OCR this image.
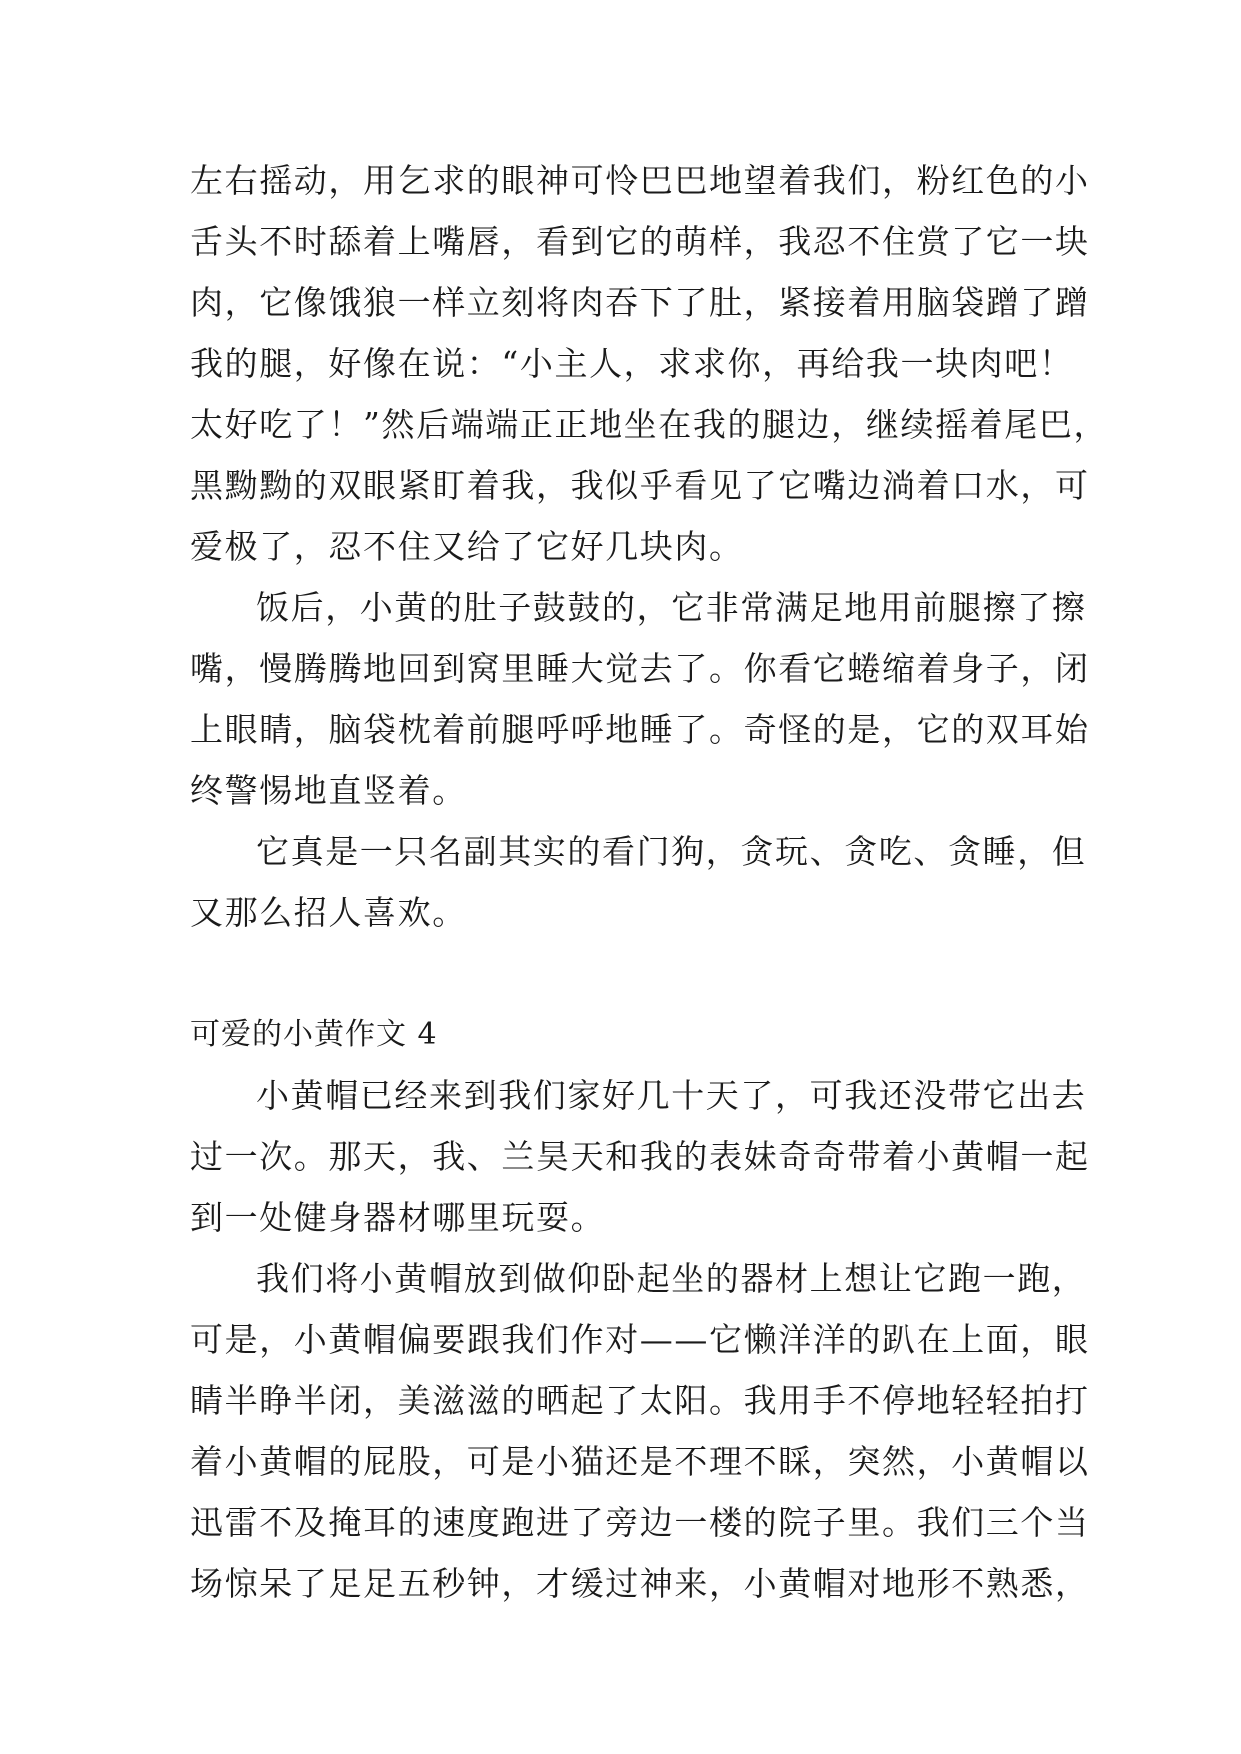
左右摇动，用乞求的眼神可怜巴巴地望着我们，粉红色的小
舌头不时舔着上嘴唇，看到它的萌样，我忍不住赏了它一块
肉，它像饿狼一样立刻将肉吞下了肚，紧接着用脑袋蹭了蹭
我的腿，好像在说：“小主人，求求你，再给我一块肉吧！
太好吃了！”然后端端正正地坐在我的腿边，继续摇着尾巴，
黑黝黝的双眼紧盯着我，我似乎看见了它嘴边淌着口水，可
爱极了，忍不住又给了它好几块肉。
饭后，小黄的肚子鼓鼓的，它非常满足地用前腿擦了擦
嘴，慢腾腾地回到窝里睡大觉去了。你看它蜷缩着身子，闭
上眼睛，脑袋枕着前腿呼呼地睡了。奇怪的是，它的双耳始
终警惕地直竖着。
它真是一只名副其实的看门狗，贪玩、贪吃、贪睡，但
又那么招人喜欢。
可爱的小黄作文 4
小黄帽已经来到我们家好几十天了，可我还没带它出去
过一次。那天，我、兰昊天和我的表妹奇奇带着小黄帽一起
到一处健身器材哪里玩耍。
我们将小黄帽放到做仰卧起坐的器材上想让它跑一跑，
可是，小黄帽偏要跟我们作对——它懒洋洋的趴在上面，眼
睛半睁半闭，美滋滋的晒起了太阳。我用手不停地轻轻拍打
着小黄帽的屁股，可是小猫还是不理不睬，突然，小黄帽以
迅雷不及掩耳的速度跑进了旁边一楼的院子里。我们三个当
场惊呆了足足五秒钟，才缓过神来，小黄帽对地形不熟悉，
